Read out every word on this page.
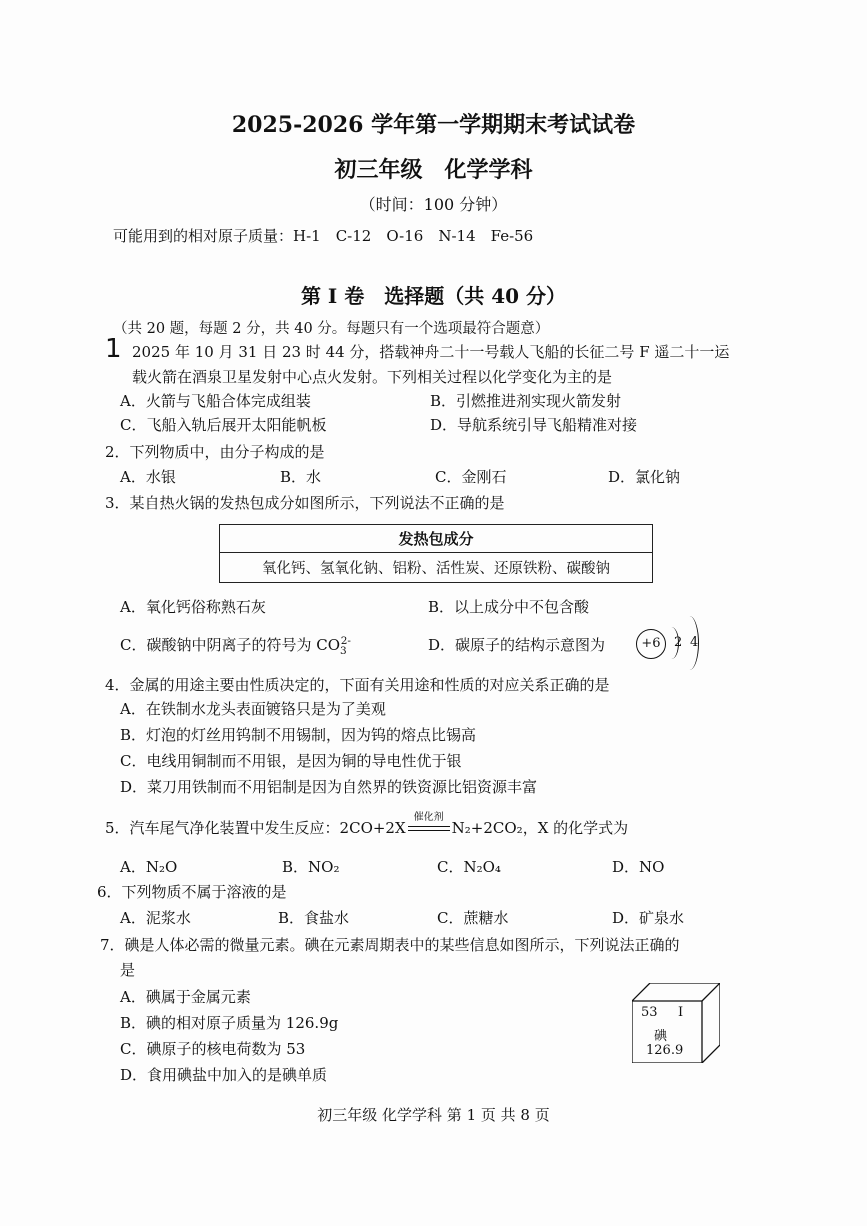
2025-2026 学年第一学期期末考试试卷
初三年级　化学学科
（时间：100 分钟）
可能用到的相对原子质量：H-1　C-12　O-16　N-14　Fe-56
第 I 卷　选择题（共 40 分）
（共 20 题，每题 2 分，共 40 分。每题只有一个选项最符合题意）
1 2025 年 10 月 31 日 23 时 44 分，搭载神舟二十一号载人飞船的长征二号 F 遥二十一运
载火箭在酒泉卫星发射中心点火发射。下列相关过程以化学变化为主的是
A．火箭与飞船合体完成组装	B．引燃推进剂实现火箭发射
C．飞船入轨后展开太阳能帆板	D．导航系统引导飞船精准对接
2．下列物质中，由分子构成的是
A．水银	B．水	C．金刚石	D．氯化钠
3．某自热火锅的发热包成分如图所示，下列说法不正确的是
发热包成分
氧化钙、氢氧化钠、铝粉、活性炭、还原铁粉、碳酸钠
A．氧化钙俗称熟石灰	B．以上成分中不包含酸
C．碳酸钠中阴离子的符号为 $CO_3^{2-}$	D．碳原子的结构示意图为	+6	2 4
4．金属的用途主要由性质决定的，下面有关用途和性质的对应关系正确的是
A．在铁制水龙头表面镀铬只是为了美观
B．灯泡的灯丝用钨制不用锡制，因为钨的熔点比锡高
C．电线用铜制而不用银，是因为铜的导电性优于银
D．菜刀用铁制而不用铝制是因为自然界的铁资源比铝资源丰富
5．汽车尾气净化装置中发生反应：2CO+2X
催化剂
N₂+2CO₂，X 的化学式为
A．N₂O	B．NO₂	C．N₂O₄	D．NO
6．下列物质不属于溶液的是
A．泥浆水	B．食盐水	C．蔗糖水	D．矿泉水
7．碘是人体必需的微量元素。碘在元素周期表中的某些信息如图所示，下列说法正确的
是
A．碘属于金属元素
B．碘的相对原子质量为 126.9g
C．碘原子的核电荷数为 53
D．食用碘盐中加入的是碘单质
53 I
碘
126.9
初三年级 化学学科 第 1 页 共 8 页
